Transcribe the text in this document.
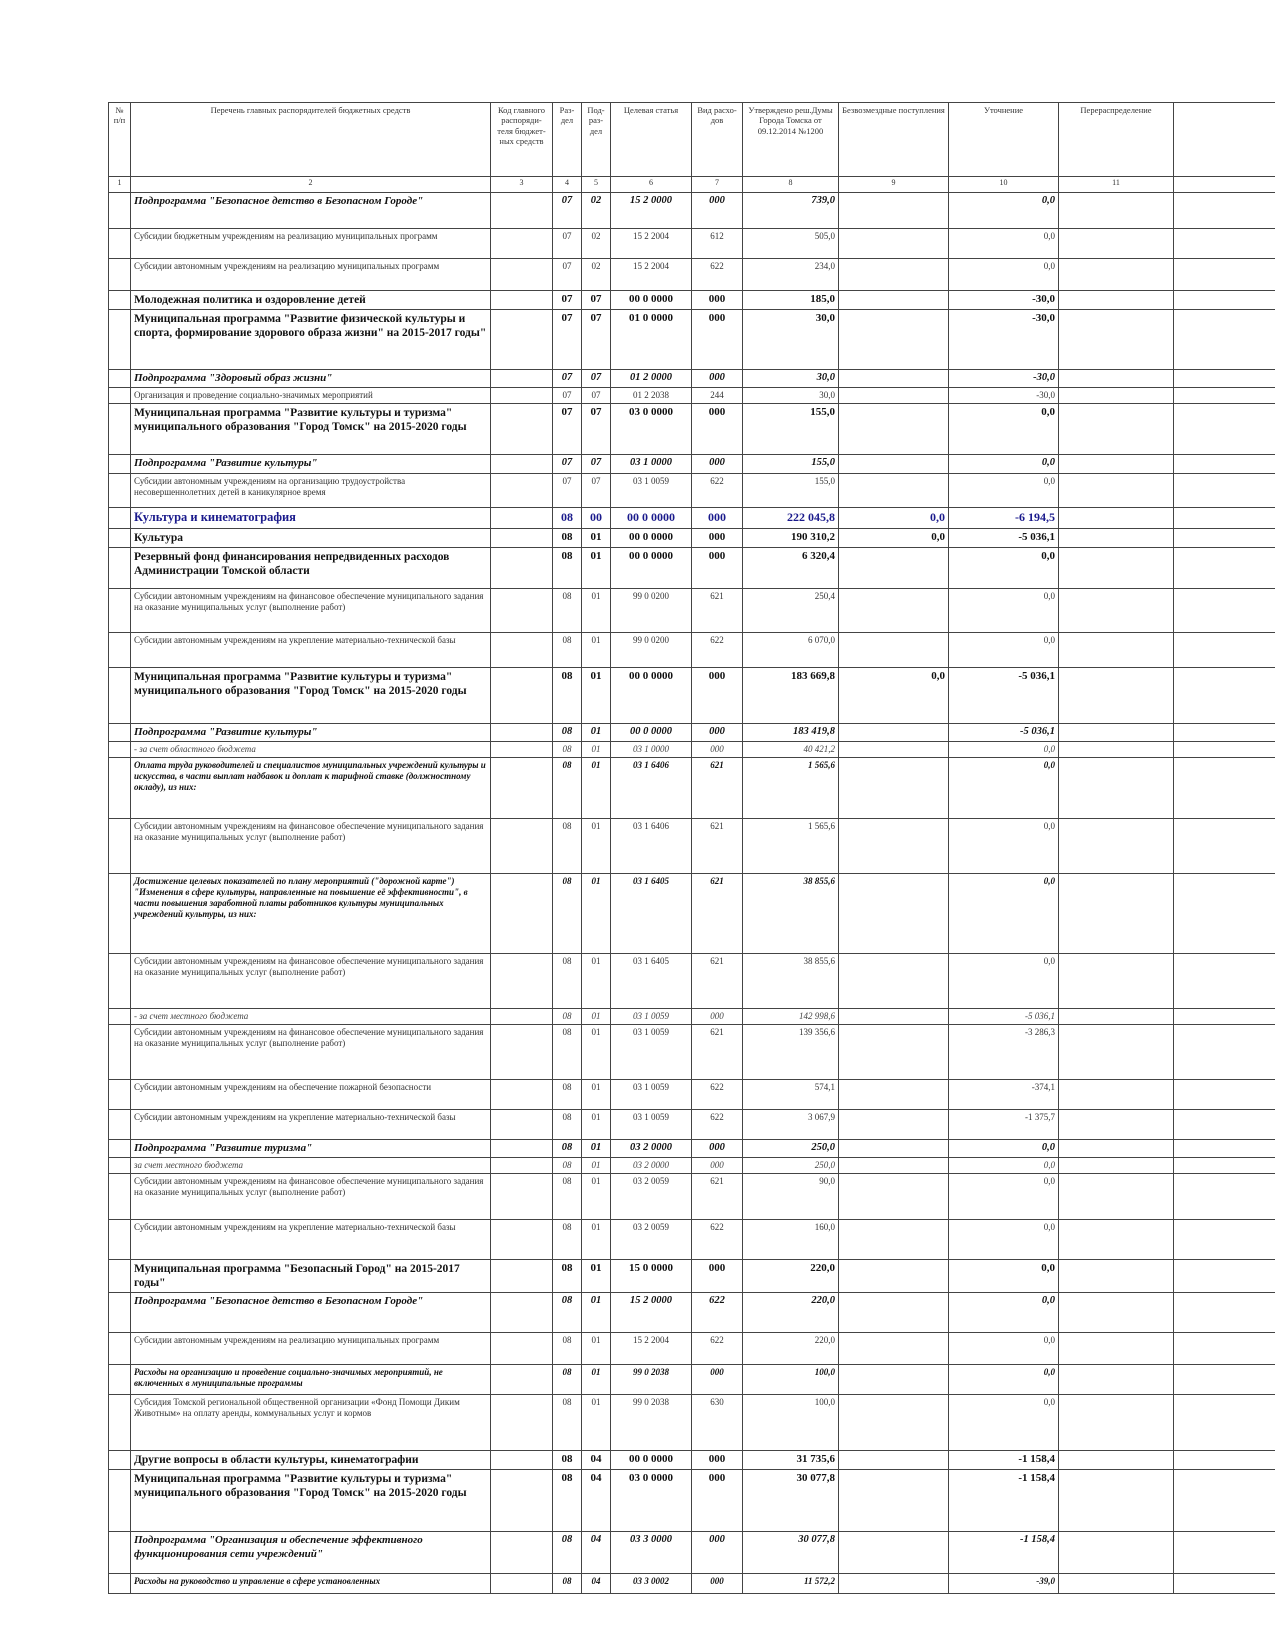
№ п/п	Перечень главных распорядителей бюджетных средств	Код главного распоряди-теля бюджет-ных средств	Раз-дел	Под-раз-дел	Целевая статья	Вид расхо-дов	Утверждено реш.Думы Города Томска от 09.12.2014 №1200	Безвозмездные поступления	Уточнение	Перераспределение	
1	2	3	4	5	6	7	8	9	10	11	
	Подпрограмма "Безопасное детство в Безопасном Городе"		07	02	15 2 0000	000	739,0		0,0		
	Субсидии бюджетным учреждениям на реализацию муниципальных программ		07	02	15 2 2004	612	505,0		0,0		
	Субсидии автономным учреждениям на реализацию муниципальных программ		07	02	15 2 2004	622	234,0		0,0		
	Молодежная политика и оздоровление детей		07	07	00 0 0000	000	185,0		-30,0		
	Муниципальная программа "Развитие физической культуры и спорта, формирование здорового образа жизни" на 2015-2017 годы"		07	07	01 0 0000	000	30,0		-30,0		
	Подпрограмма "Здоровый образ жизни"		07	07	01 2 0000	000	30,0		-30,0		
	Организация и проведение социально-значимых мероприятий		07	07	01 2 2038	244	30,0		-30,0		
	Муниципальная программа "Развитие культуры и туризма" муниципального образования "Город Томск" на 2015-2020 годы		07	07	03 0 0000	000	155,0		0,0		
	Подпрограмма "Развитие культуры"		07	07	03 1 0000	000	155,0		0,0		
	Субсидии автономным учреждениям на организацию трудоустройства несовершеннолетних детей в каникулярное время		07	07	03 1 0059	622	155,0		0,0		
	Культура и кинематография		08	00	00 0 0000	000	222 045,8	0,0	-6 194,5		
	Культура		08	01	00 0 0000	000	190 310,2	0,0	-5 036,1		
	Резервный фонд финансирования непредвиденных расходов Администрации Томской области		08	01	00 0 0000	000	6 320,4		0,0		
	Субсидии автономным учреждениям на финансовое обеспечение муниципального задания на оказание муниципальных услуг (выполнение работ)		08	01	99 0 0200	621	250,4		0,0		
	Субсидии автономным учреждениям на укрепление материально-технической базы		08	01	99 0 0200	622	6 070,0		0,0		
	Муниципальная программа "Развитие культуры и туризма" муниципального образования "Город Томск" на 2015-2020 годы		08	01	00 0 0000	000	183 669,8	0,0	-5 036,1		
	Подпрограмма "Развитие культуры"		08	01	00 0 0000	000	183 419,8		-5 036,1		
	- за счет областного бюджета		08	01	03 1 0000	000	40 421,2		0,0		
	Оплата труда руководителей и специалистов муниципальных учреждений культуры и искусства, в части выплат надбавок и доплат к тарифной ставке (должностному окладу), из них:		08	01	03 1 6406	621	1 565,6		0,0		
	Субсидии автономным учреждениям на финансовое обеспечение муниципального задания на оказание муниципальных услуг (выполнение работ)		08	01	03 1 6406	621	1 565,6		0,0		
	Достижение целевых показателей по плану мероприятий ("дорожной карте") "Изменения в сфере культуры, направленные на повышение её эффективности", в части повышения заработной платы работников культуры муниципальных учреждений культуры, из них:		08	01	03 1 6405	621	38 855,6		0,0		
	Субсидии автономным учреждениям на финансовое обеспечение муниципального задания на оказание муниципальных услуг (выполнение работ)		08	01	03 1 6405	621	38 855,6		0,0		
	- за счет местного бюджета		08	01	03 1 0059	000	142 998,6		-5 036,1		
	Субсидии автономным учреждениям на финансовое обеспечение муниципального задания на оказание муниципальных услуг (выполнение работ)		08	01	03 1 0059	621	139 356,6		-3 286,3		
	Субсидии автономным учреждениям на обеспечение пожарной безопасности		08	01	03 1 0059	622	574,1		-374,1		
	Субсидии автономным учреждениям на укрепление материально-технической базы		08	01	03 1 0059	622	3 067,9		-1 375,7		
	Подпрограмма "Развитие туризма"		08	01	03 2 0000	000	250,0		0,0		
	за счет местного бюджета		08	01	03 2 0000	000	250,0		0,0		
	Субсидии автономным учреждениям на финансовое обеспечение муниципального задания на оказание муниципальных услуг (выполнение работ)		08	01	03 2 0059	621	90,0		0,0		
	Субсидии автономным учреждениям на укрепление материально-технической базы		08	01	03 2 0059	622	160,0		0,0		
	Муниципальная программа "Безопасный Город" на 2015-2017 годы"		08	01	15 0 0000	000	220,0		0,0		
	Подпрограмма "Безопасное детство в Безопасном Городе"		08	01	15 2 0000	622	220,0		0,0		
	Субсидии автономным учреждениям на реализацию муниципальных программ		08	01	15 2 2004	622	220,0		0,0		
	Расходы на организацию и проведение социально-значимых мероприятий, не включенных в муниципальные программы		08	01	99 0 2038	000	100,0		0,0		
	Субсидия Томской региональной общественной организации «Фонд Помощи Диким Животным» на оплату аренды, коммунальных услуг и кормов		08	01	99 0 2038	630	100,0		0,0		
	Другие вопросы в области культуры, кинематографии		08	04	00 0 0000	000	31 735,6		-1 158,4		
	Муниципальная программа "Развитие культуры и туризма" муниципального образования "Город Томск" на 2015-2020 годы		08	04	03 0 0000	000	30 077,8		-1 158,4		
	Подпрограмма "Организация и обеспечение эффективного функционирования сети учреждений"		08	04	03 3 0000	000	30 077,8		-1 158,4		
	Расходы на руководство и управление в сфере установленных		08	04	03 3 0002	000	11 572,2		-39,0		
